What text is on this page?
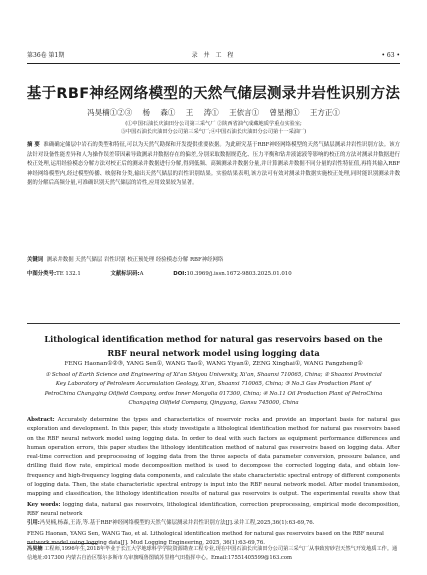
第36卷 第1期	录 井 工 程	• 63 •
基于RBF神经网络模型的天然气储层测录井岩性识别方法
冯昊楠①②③ 杨 森① 王 涛① 王依言① 曾星湘① 王方正①
(①中国石油长庆油田分公司第三采气厂 ②陕西省油气成藏地质学重点实验室;
③中国石油长庆油田分公司第三采气厂;④中国石油长庆油田分公司第十一采油厂)
摘 要 准确确定储层中岩石的类型和特征,可以为天然气勘探和开发提供重要依据。为此研究基于RBF神经网络模型的天然气储层测录井岩性识别方法。该方法针对设备性能差异和人为操作误差带因素导致测录井数据存在的偏差,分别采取数据规范化、压力平衡和钻井液滤液等影响的校正的方法对测录井数据进行校正处理,运用经验模态分解方法对校正后的测录井数据进行分解,得到低频、高频测录井数据分量,并计算测录井数据不同分量的岩性特征值,再将其输入RBF神经网络模型内,经过模型传播、映射和分类,输出天然气储层的岩性识别结果。实验结果表明,该方法可有效对测录井数据实施校正处理,同时能识别测录井数据的分解后高频分量,可准确识别天然气储层的岩性,应用效果较为显著。
关键词 测录井数据 天然气储层 岩性识别 校正预处理 经验模态分解 RBF神经网络
中图分类号:TE 132.1	文献标识码:A	DOI:10.3969/j.issn.1672-9803.2025.01.010
Lithological identification method for natural gas reservoirs based on the RBF neural network model using logging data
FENG Haonan①②③, YANG Sen①, WANG Tao①, WANG Yiyan①, ZENG Xinghai①, WANG Fangzheng①
① School of Earth Science and Engineering of Xi'an Shiyou University, Xi'an, Shaanxi 710065, China; ② Shaanxi Provincial Key Laboratory of Petroleum Accumulation Geology, Xi'an, Shaanxi 710065, China; ③ No.3 Gas Production Plant of PetroChina Changqing Oilfield Company, ordos Inner Mongolia 017300, China; ④ No.11 Oil Production Plant of PetroChina Changqing Oilfield Company, Qingyang, Gansu 745000, China
Abstract: Accurately determine the types and characteristics of reservoir rocks and provide an important basis for natural gas exploration and development. In this paper, this study investigate a lithological identification method for natural gas reservoirs based on the RBF neural network model using logging data. In order to deal with such factors as equipment performance differences and human operation errors, this paper studies the lithology identification method of natural gas reservoirs based on logging data. After real-time correction and preprocessing of logging data from the three aspects of data parameter conversion, pressure balance, and drilling fluid flow rate, empirical mode decomposition method is used to decompose the corrected logging data, and obtain low-frequency and high-frequency logging data components, and calculate the state characteristic spectral entropy of different components of logging data. Then, the state characteristic spectral entropy is input into the RBF neural network model. After model transmission, mapping and classification, the lithology identification results of natural gas reservoirs is output. The experimental results show that
Key words: logging data, natural gas reservoirs, lithological identification, correction preprocessing, empirical mode decomposition, RBF neural network
引用:冯昊楠,杨森,王涛,等.基于RBF神经网络模型的天然气储层测录井岩性识别方法[J].录井工程,2025,36(1):63-69,76.
FENG Haonan, YANG Sen, WANG Tao, et al. Lithological identification method for natural gas reservoirs based on the RBF neural network model using logging data[J]. Mud Logging Engineering, 2025, 36(1):63-69,76.
冯昊楠 工程师,1996年生,2018年毕业于长江大学地球科学学院资源勘查工程专业,现在中国石油长庆油田分公司第三采气厂从事致密砂岩天然气开发地质工作。通信地址:017300 内蒙古自治区鄂尔多斯市乌审旗嘎鲁图镇苏里格气田指挥中心。Email:17551405599@163.com
